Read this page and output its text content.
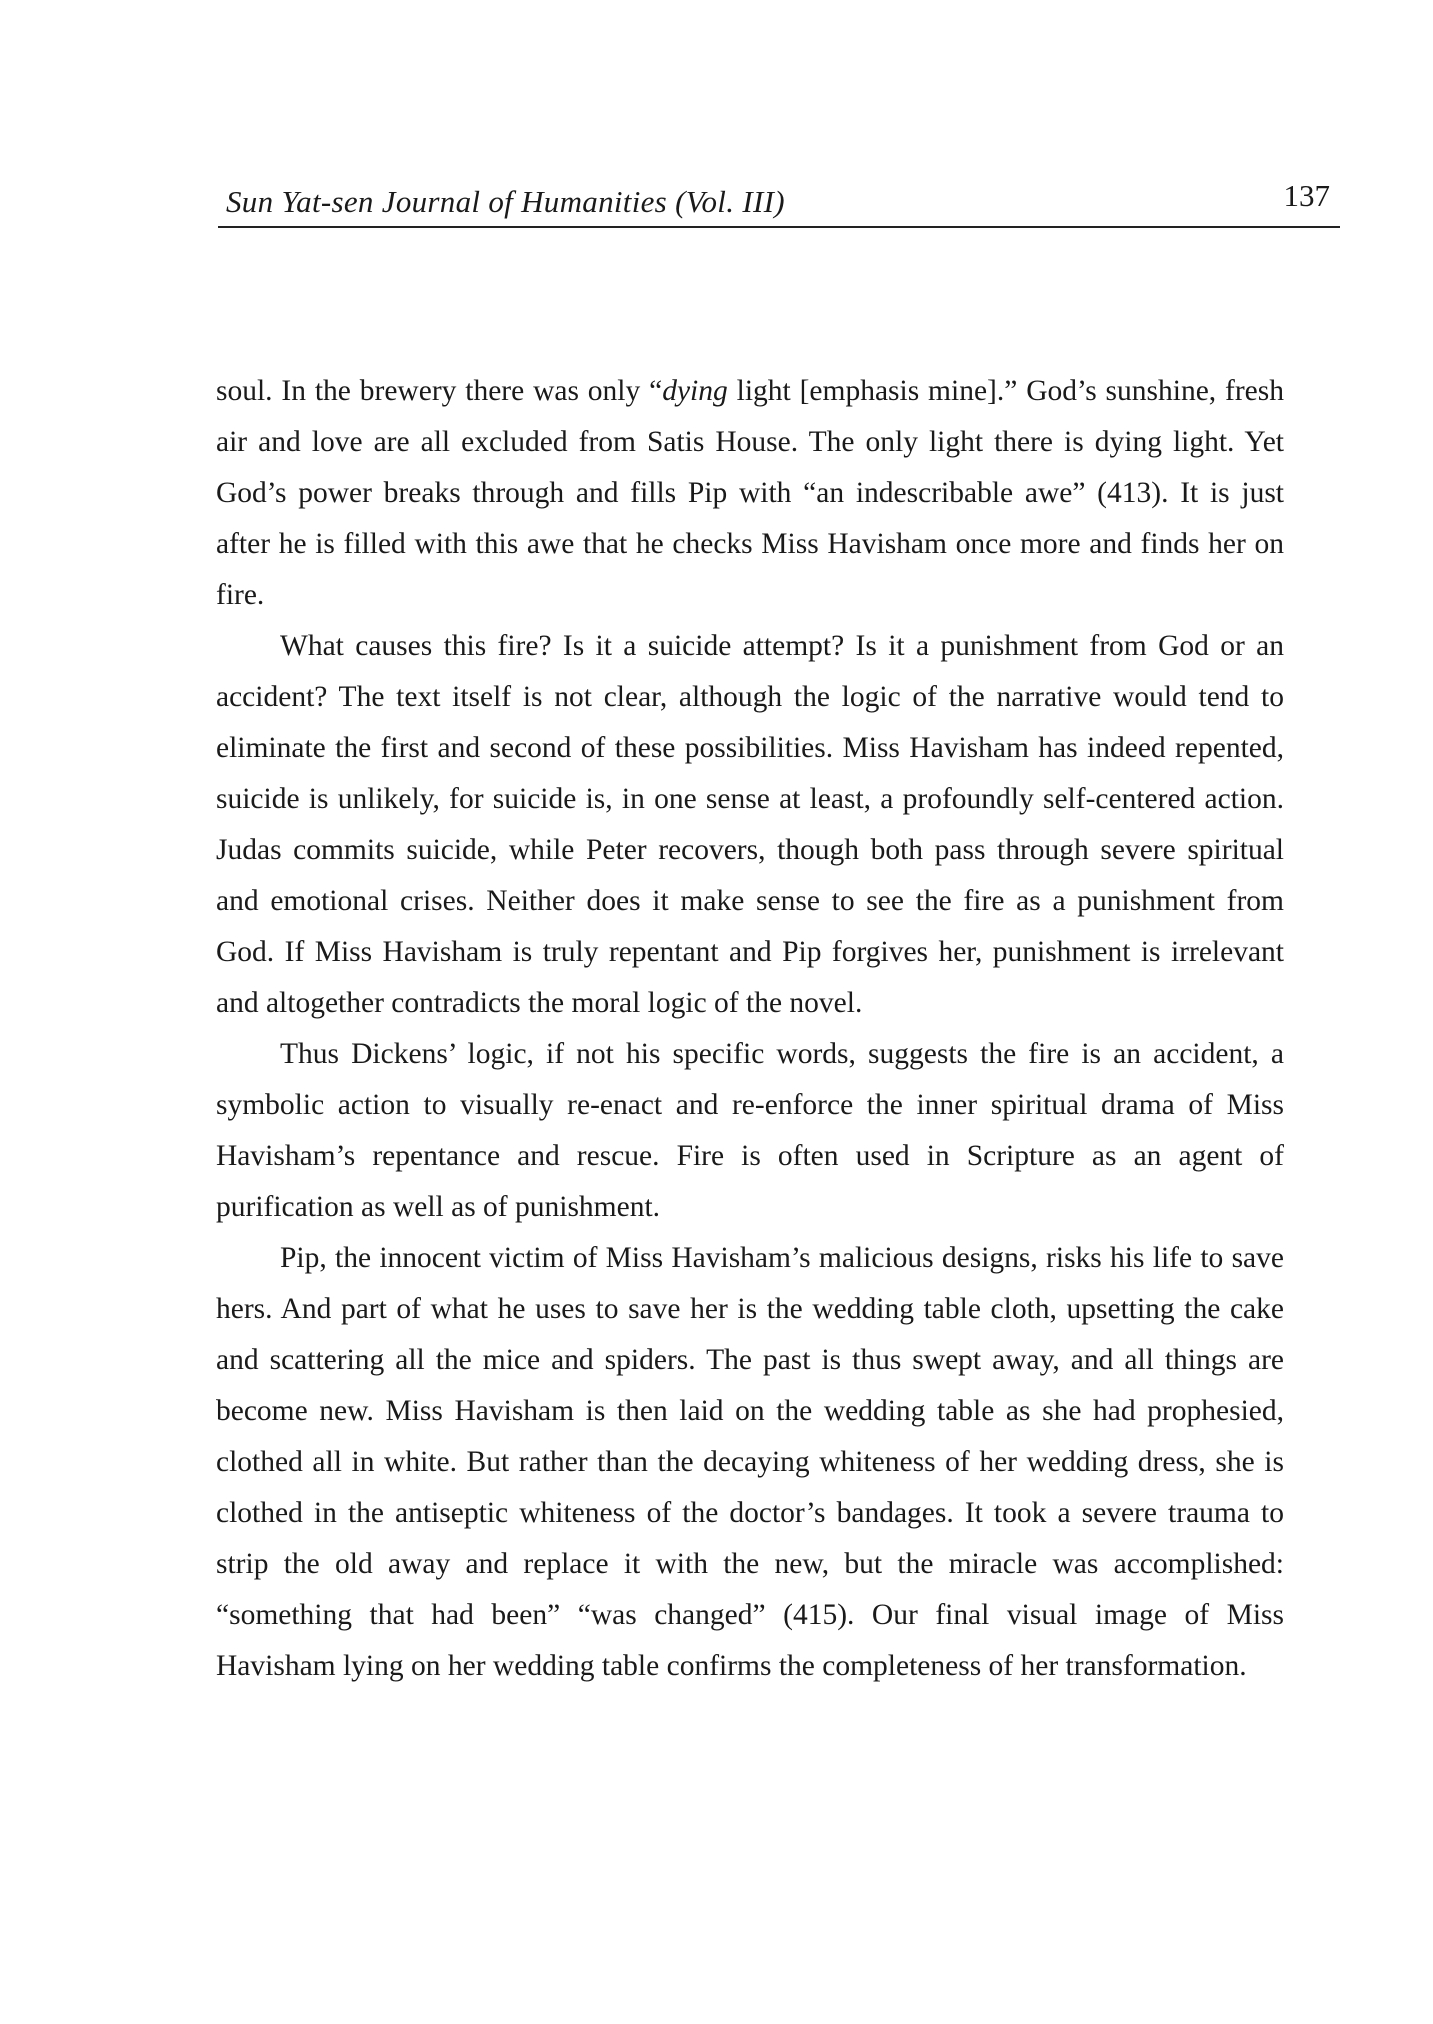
Sun Yat-sen Journal of Humanities (Vol. III)	137

soul. In the brewery there was only “dying light [emphasis mine].” God’s sunshine, fresh air and love are all excluded from Satis House. The only light there is dying light. Yet God’s power breaks through and fills Pip with “an indescribable awe” (413). It is just after he is filled with this awe that he checks Miss Havisham once more and finds her on fire.

What causes this fire? Is it a suicide attempt? Is it a punishment from God or an accident? The text itself is not clear, although the logic of the narrative would tend to eliminate the first and second of these possibilities. Miss Havisham has indeed repented, suicide is unlikely, for suicide is, in one sense at least, a profoundly self-centered action. Judas commits suicide, while Peter recovers, though both pass through severe spiritual and emotional crises. Neither does it make sense to see the fire as a punishment from God. If Miss Havisham is truly repentant and Pip forgives her, punishment is irrelevant and altogether contradicts the moral logic of the novel.

Thus Dickens’ logic, if not his specific words, suggests the fire is an accident, a symbolic action to visually re-enact and re-enforce the inner spiritual drama of Miss Havisham’s repentance and rescue. Fire is often used in Scripture as an agent of purification as well as of punishment.

Pip, the innocent victim of Miss Havisham’s malicious designs, risks his life to save hers. And part of what he uses to save her is the wedding table cloth, upsetting the cake and scattering all the mice and spiders. The past is thus swept away, and all things are become new. Miss Havisham is then laid on the wedding table as she had prophesied, clothed all in white. But rather than the decaying whiteness of her wedding dress, she is clothed in the antiseptic whiteness of the doctor’s bandages. It took a severe trauma to strip the old away and replace it with the new, but the miracle was accomplished: “something that had been” “was changed” (415). Our final visual image of Miss Havisham lying on her wedding table confirms the completeness of her transformation.
